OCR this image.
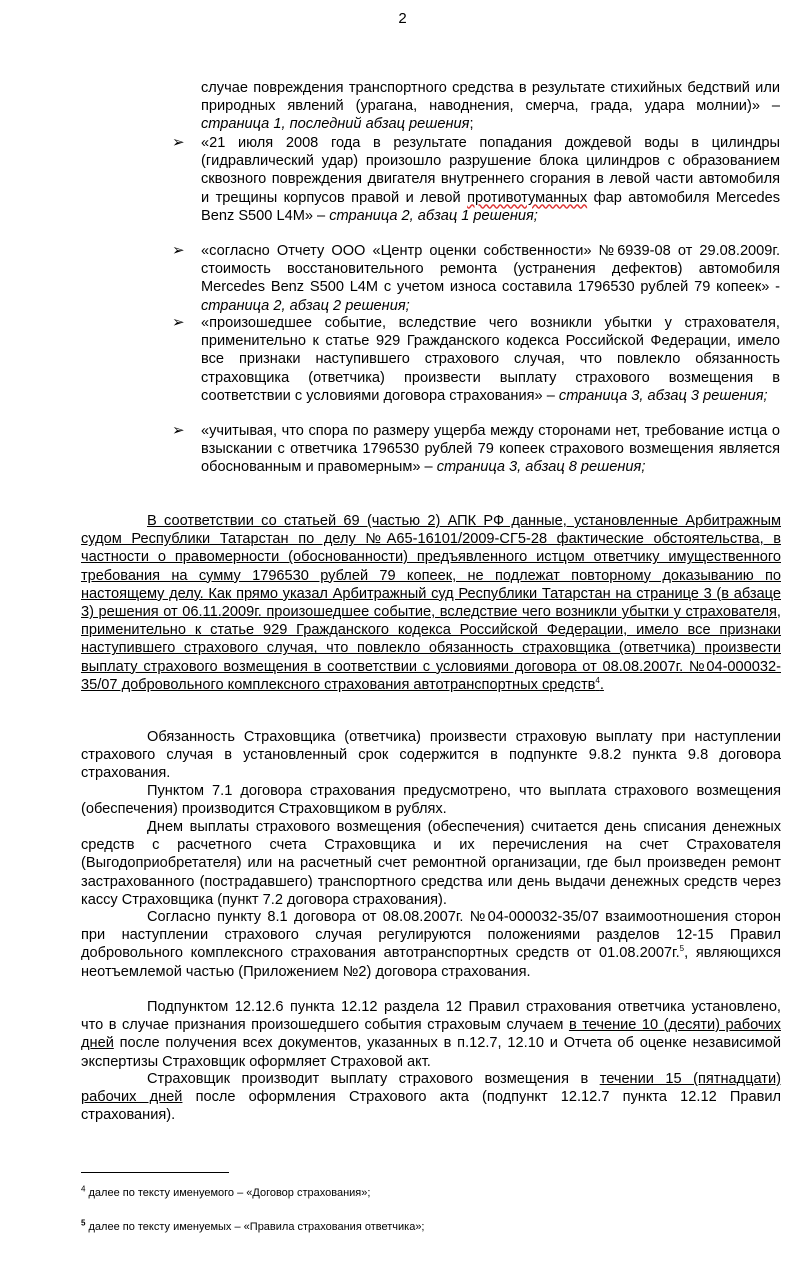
2

случае повреждения транспортного средства в результате стихийных бедствий или природных явлений (урагана, наводнения, смерча, града, удара молнии)» – страница 1, последний абзац решения;

➢ «21 июля 2008 года в результате попадания дождевой воды в цилиндры (гидравлический удар) произошло разрушение блока цилиндров с образованием сквозного повреждения двигателя внутреннего сгорания в левой части автомобиля и трещины корпусов правой и левой противотуманных фар автомобиля Mercedes Benz S500 L4M» – страница 2, абзац 1 решения;

➢ «согласно Отчету ООО «Центр оценки собственности» №6939-08 от 29.08.2009г. стоимость восстановительного ремонта (устранения дефектов) автомобиля Mercedes Benz S500 L4M с учетом износа составила 1796530 рублей 79 копеек» - страница 2, абзац 2 решения;

➢ «произошедшее событие, вследствие чего возникли убытки у страхователя, применительно к статье 929 Гражданского кодекса Российской Федерации, имело все признаки наступившего страхового случая, что повлекло обязанность страховщика (ответчика) произвести выплату страхового возмещения в соответствии с условиями договора страхования» – страница 3, абзац 3 решения;

➢ «учитывая, что спора по размеру ущерба между сторонами нет, требование истца о взыскании с ответчика 1796530 рублей 79 копеек страхового возмещения является обоснованным и правомерным» – страница 3, абзац 8 решения;

В соответствии со статьей 69 (частью 2) АПК РФ данные, установленные Арбитражным судом Республики Татарстан по делу №А65-16101/2009-СГ5-28 фактические обстоятельства, в частности о правомерности (обоснованности) предъявленного истцом ответчику имущественного требования на сумму 1796530 рублей 79 копеек, не подлежат повторному доказыванию по настоящему делу. Как прямо указал Арбитражный суд Республики Татарстан на странице 3 (в абзаце 3) решения от 06.11.2009г. произошедшее событие, вследствие чего возникли убытки у страхователя, применительно к статье 929 Гражданского кодекса Российской Федерации, имело все признаки наступившего страхового случая, что повлекло обязанность страховщика (ответчика) произвести выплату страхового возмещения в соответствии с условиями договора от 08.08.2007г. №04-000032-35/07 добровольного комплексного страхования автотранспортных средств$^4$.

Обязанность Страховщика (ответчика) произвести страховую выплату при наступлении страхового случая в установленный срок содержится в подпункте 9.8.2 пункта 9.8 договора страхования.

Пунктом 7.1 договора страхования предусмотрено, что выплата страхового возмещения (обеспечения) производится Страховщиком в рублях.

Днем выплаты страхового возмещения (обеспечения) считается день списания денежных средств с расчетного счета Страховщика и их перечисления на счет Страхователя (Выгодоприобретателя) или на расчетный счет ремонтной организации, где был произведен ремонт застрахованного (пострадавшего) транспортного средства или день выдачи денежных средств через кассу Страховщика (пункт 7.2 договора страхования).

Согласно пункту 8.1 договора от 08.08.2007г. №04-000032-35/07 взаимоотношения сторон при наступлении страхового случая регулируются положениями разделов 12-15 Правил добровольного комплексного страхования автотранспортных средств от 01.08.2007г.$^5$, являющихся неотъемлемой частью (Приложением №2) договора страхования.

Подпунктом 12.12.6 пункта 12.12 раздела 12 Правил страхования ответчика установлено, что в случае признания произошедшего события страховым случаем в течение 10 (десяти) рабочих дней после получения всех документов, указанных в п.12.7, 12.10 и Отчета об оценке независимой экспертизы Страховщик оформляет Страховой акт.

Страховщик производит выплату страхового возмещения в течении 15 (пятнадцати) рабочих дней после оформления Страхового акта (подпункт 12.12.7 пункта 12.12 Правил страхования).

$^4$ далее по тексту именуемого – «Договор страхования»;
$^5$ далее по тексту именуемых – «Правила страхования ответчика»;
